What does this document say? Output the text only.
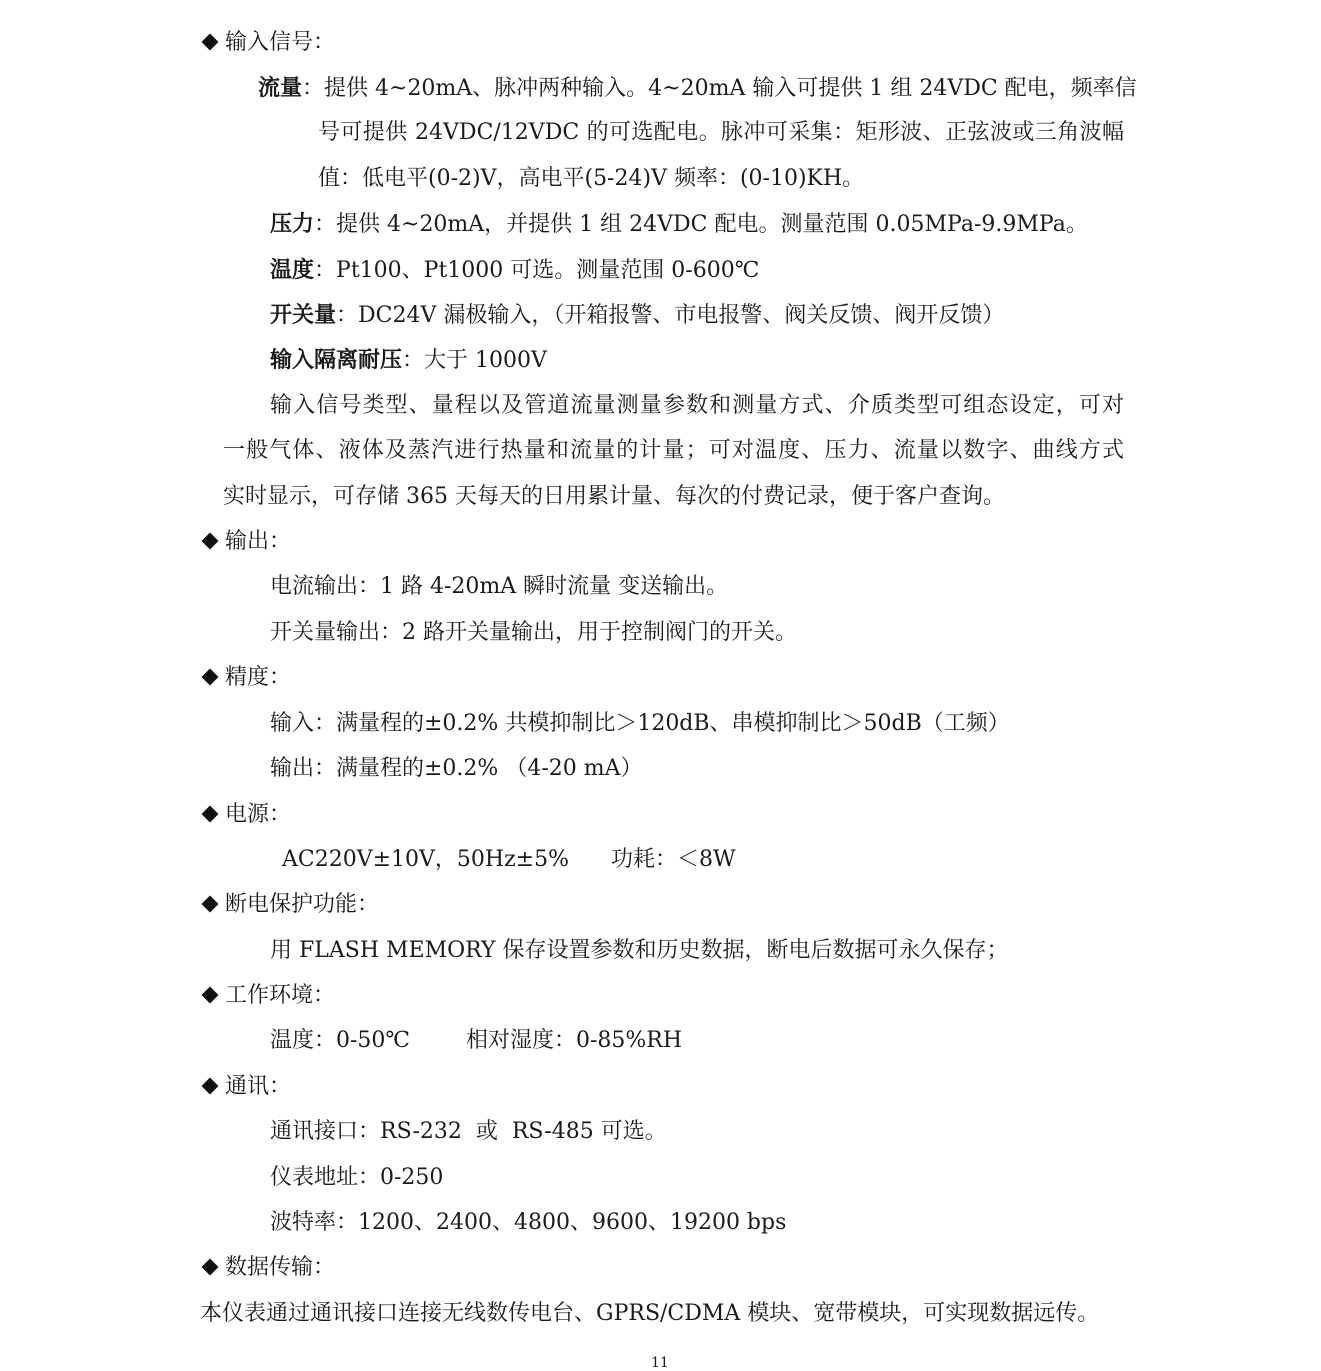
输入信号：
流量：提供 4~20mA、脉冲两种输入。4~20mA 输入可提供 1 组 24VDC 配电，频率信
号可提供 24VDC/12VDC 的可选配电。脉冲可采集：矩形波、正弦波或三角波幅
值：低电平(0-2)V，高电平(5-24)V 频率：(0-10)KH。
压力：提供 4~20mA，并提供 1 组 24VDC 配电。测量范围 0.05MPa-9.9MPa。
温度：Pt100、Pt1000 可选。测量范围 0-600℃
开关量：DC24V 漏极输入，（开箱报警、市电报警、阀关反馈、阀开反馈）
输入隔离耐压：大于 1000V
输入信号类型、量程以及管道流量测量参数和测量方式、介质类型可组态设定，可对
一般气体、液体及蒸汽进行热量和流量的计量；可对温度、压力、流量以数字、曲线方式
实时显示，可存储 365 天每天的日用累计量、每次的付费记录，便于客户查询。
输出：
电流输出：1 路 4-20mA 瞬时流量 变送输出。
开关量输出：2 路开关量输出，用于控制阀门的开关。
精度：
输入：满量程的±0.2% 共模抑制比＞120dB、串模抑制比＞50dB（工频）
输出：满量程的±0.2% （4-20 mA）
电源：
AC220V±10V，50Hz±5%      功耗：＜8W
断电保护功能：
用 FLASH MEMORY 保存设置参数和历史数据，断电后数据可永久保存；
工作环境：
温度：0-50℃        相对湿度：0-85%RH
通讯：
通讯接口：RS-232  或  RS-485 可选。
仪表地址：0-250
波特率：1200、2400、4800、9600、19200 bps
数据传输：
本仪表通过通讯接口连接无线数传电台、GPRS/CDMA 模块、宽带模块，可实现数据远传。
11
